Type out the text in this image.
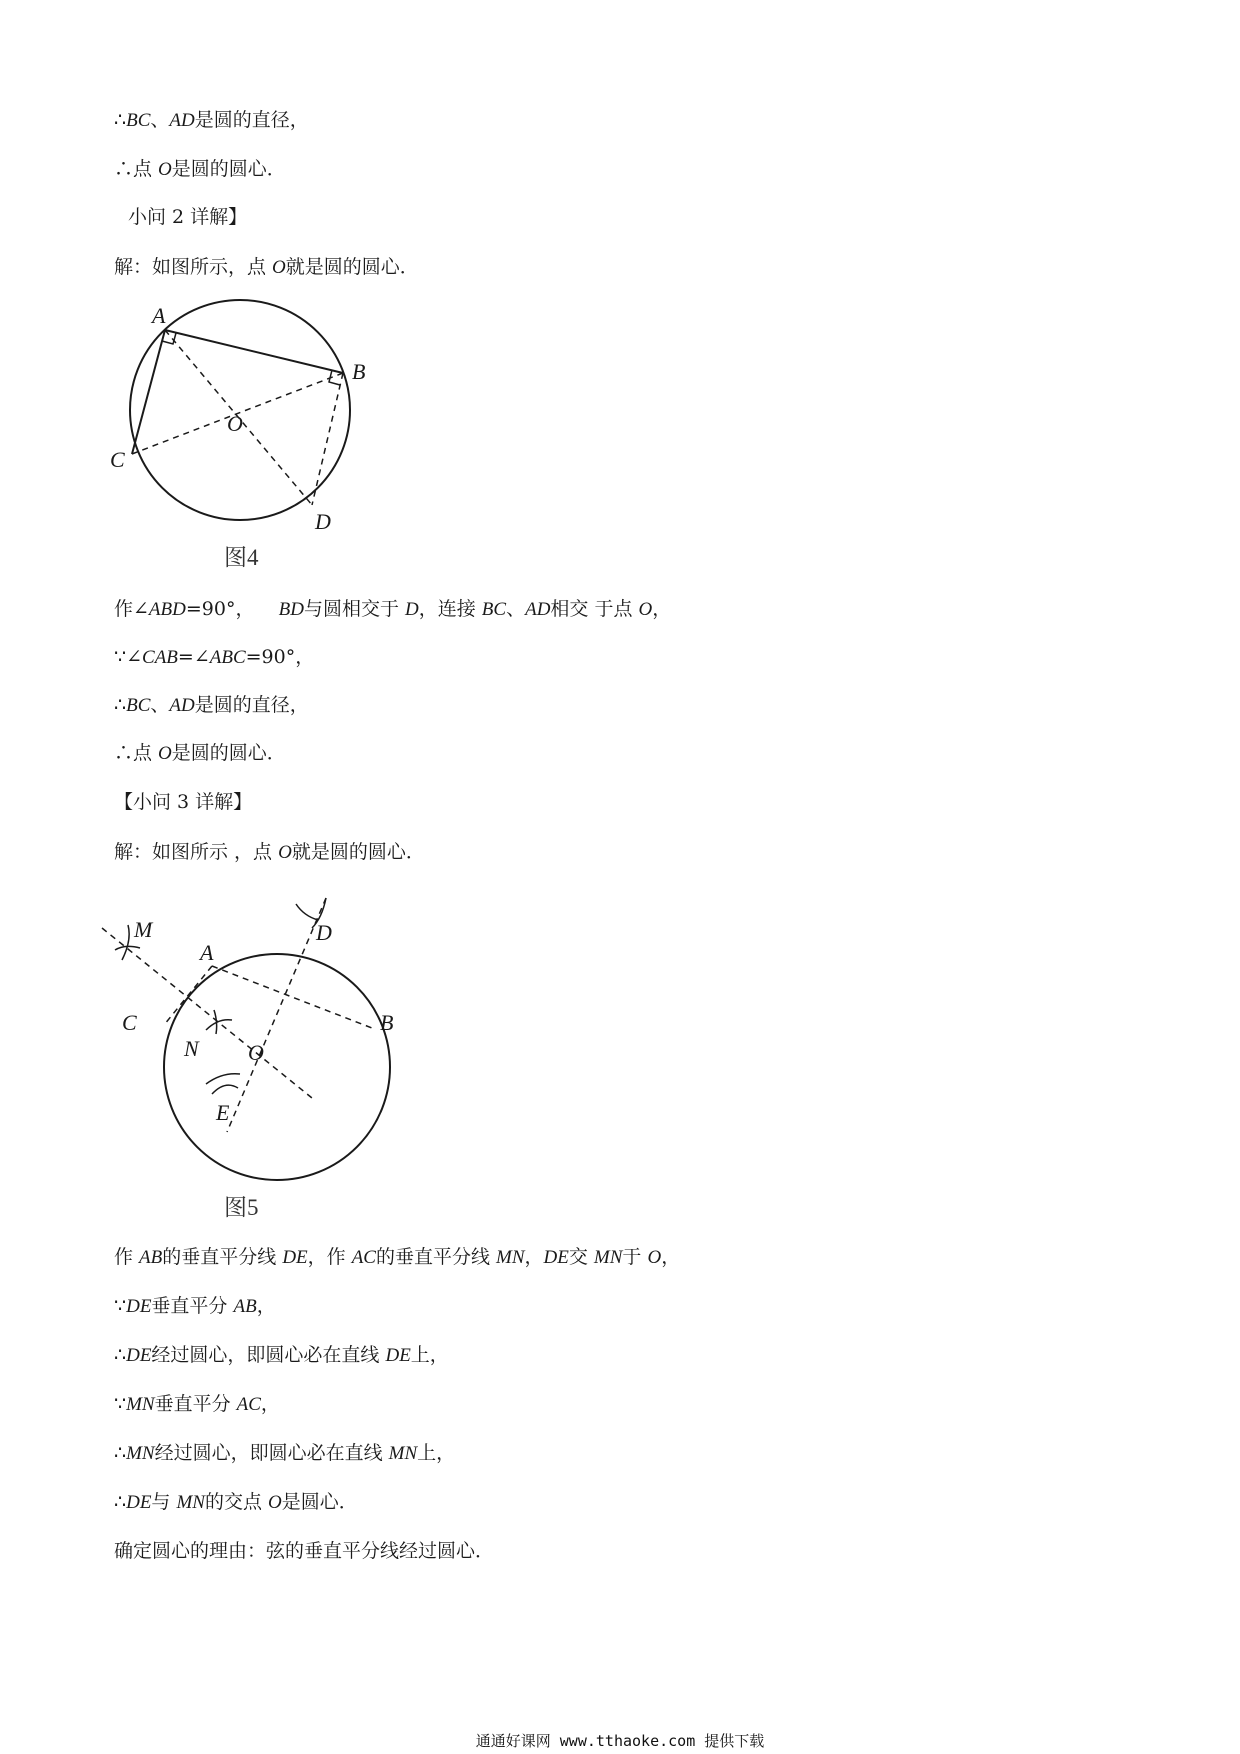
∴BC、AD是圆的直径，
∴点 O是圆的圆心．
小问 2 详解】
解：如图所示，点 O就是圆的圆心．
A
B
C
D
O
图4
作∠ABD=90°， BD与圆相交于 D，连接 BC、AD相交 于点 O，
∵∠CAB=∠ABC=90°，
∴BC、AD是圆的直径，
∴点 O是圆的圆心．
【小问 3 详解】
解：如图所示 ，点 O就是圆的圆心．
M
A
D
C	B
N O
E
图5
作 AB的垂直平分线 DE，作 AC的垂直平分线 MN，DE交 MN于 O，
∵DE垂直平分 AB，
∴DE经过圆心，即圆心必在直线 DE上，
∵MN垂直平分 AC，
∴MN经过圆心，即圆心必在直线 MN上，
∴DE与 MN的交点 O是圆心．
确定圆心的理由：弦的垂直平分线经过圆心．
通通好课网 www.tthaoke.com 提供下载
